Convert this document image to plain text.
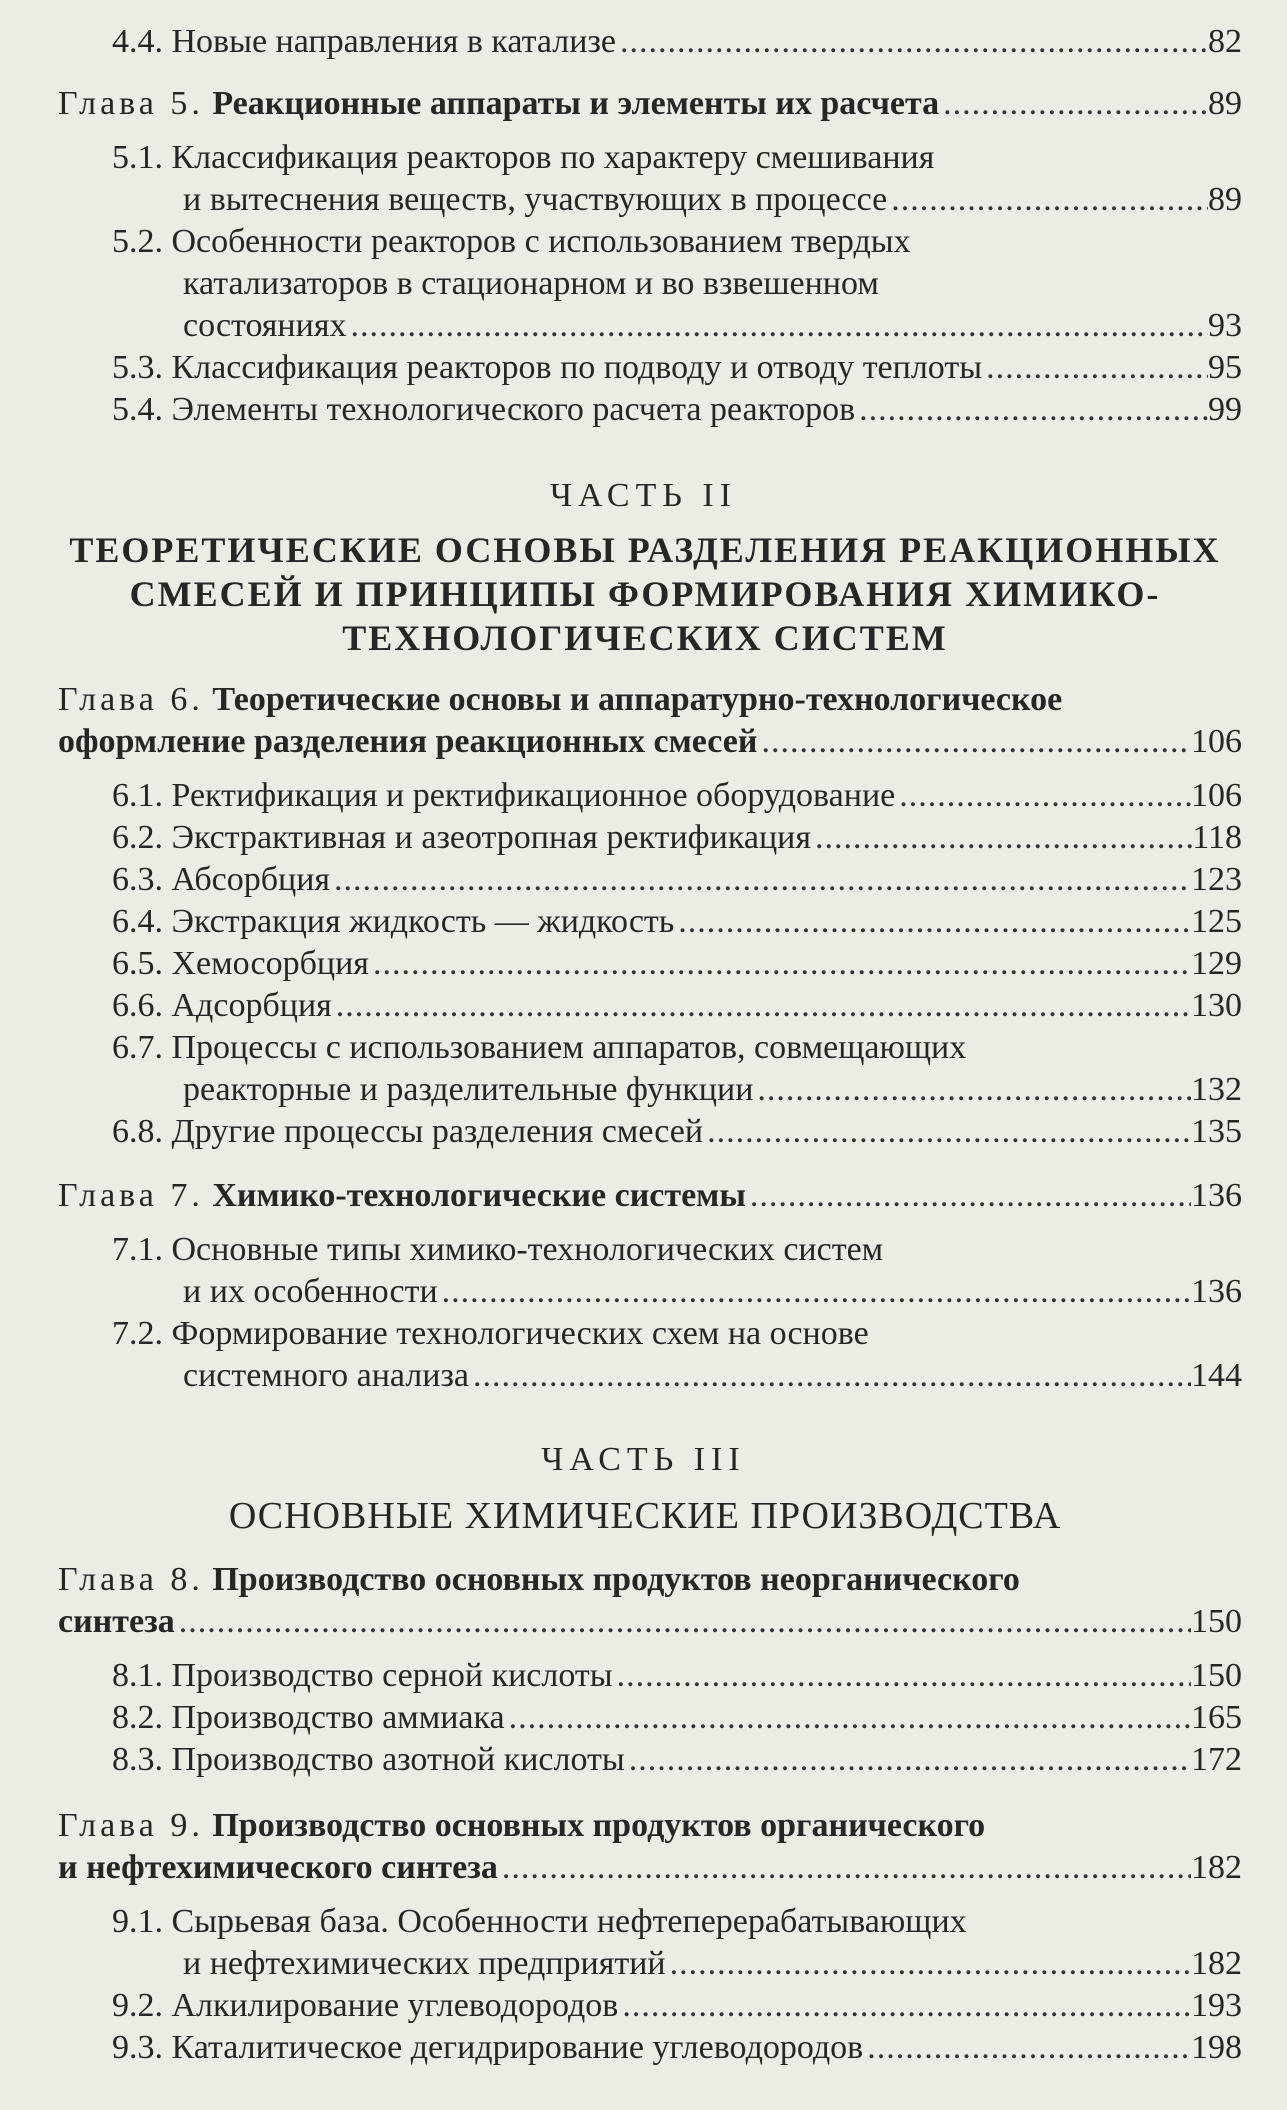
4.4. Новые направления в катализе .....	82
Глава 5. Реакционные аппараты и элементы их расчета .....	89
5.1. Классификация реакторов по характеру смешивания
и вытеснения веществ, участвующих в процессе .....	89
5.2. Особенности реакторов с использованием твердых
катализаторов в стационарном и во взвешенном
состояниях .....	93
5.3. Классификация реакторов по подводу и отводу теплоты .....	95
5.4. Элементы технологического расчета реакторов .....	99
ЧАСТЬ II
ТЕОРЕТИЧЕСКИЕ ОСНОВЫ РАЗДЕЛЕНИЯ РЕАКЦИОННЫХ
СМЕСЕЙ И ПРИНЦИПЫ ФОРМИРОВАНИЯ ХИМИКО-
ТЕХНОЛОГИЧЕСКИХ СИСТЕМ
Глава 6. Теоретические основы и аппаратурно-технологическое
оформление разделения реакционных смесей .....	106
6.1. Ректификация и ректификационное оборудование .....	106
6.2. Экстрактивная и азеотропная ректификация .....	118
6.3. Абсорбция .....	123
6.4. Экстракция жидкость — жидкость .....	125
6.5. Хемосорбция .....	129
6.6. Адсорбция .....	130
6.7. Процессы с использованием аппаратов, совмещающих
реакторные и разделительные функции .....	132
6.8. Другие процессы разделения смесей .....	135
Глава 7. Химико-технологические системы .....	136
7.1. Основные типы химико-технологических систем
и их особенности .....	136
7.2. Формирование технологических схем на основе
системного анализа .....	144
ЧАСТЬ III
ОСНОВНЫЕ ХИМИЧЕСКИЕ ПРОИЗВОДСТВА
Глава 8. Производство основных продуктов неорганического
синтеза .....	150
8.1. Производство серной кислоты .....	150
8.2. Производство аммиака .....	165
8.3. Производство азотной кислоты .....	172
Глава 9. Производство основных продуктов органического
и нефтехимического синтеза .....	182
9.1. Сырьевая база. Особенности нефтеперерабатывающих
и нефтехимических предприятий .....	182
9.2. Алкилирование углеводородов .....	193
9.3. Каталитическое дегидрирование углеводородов .....	198
